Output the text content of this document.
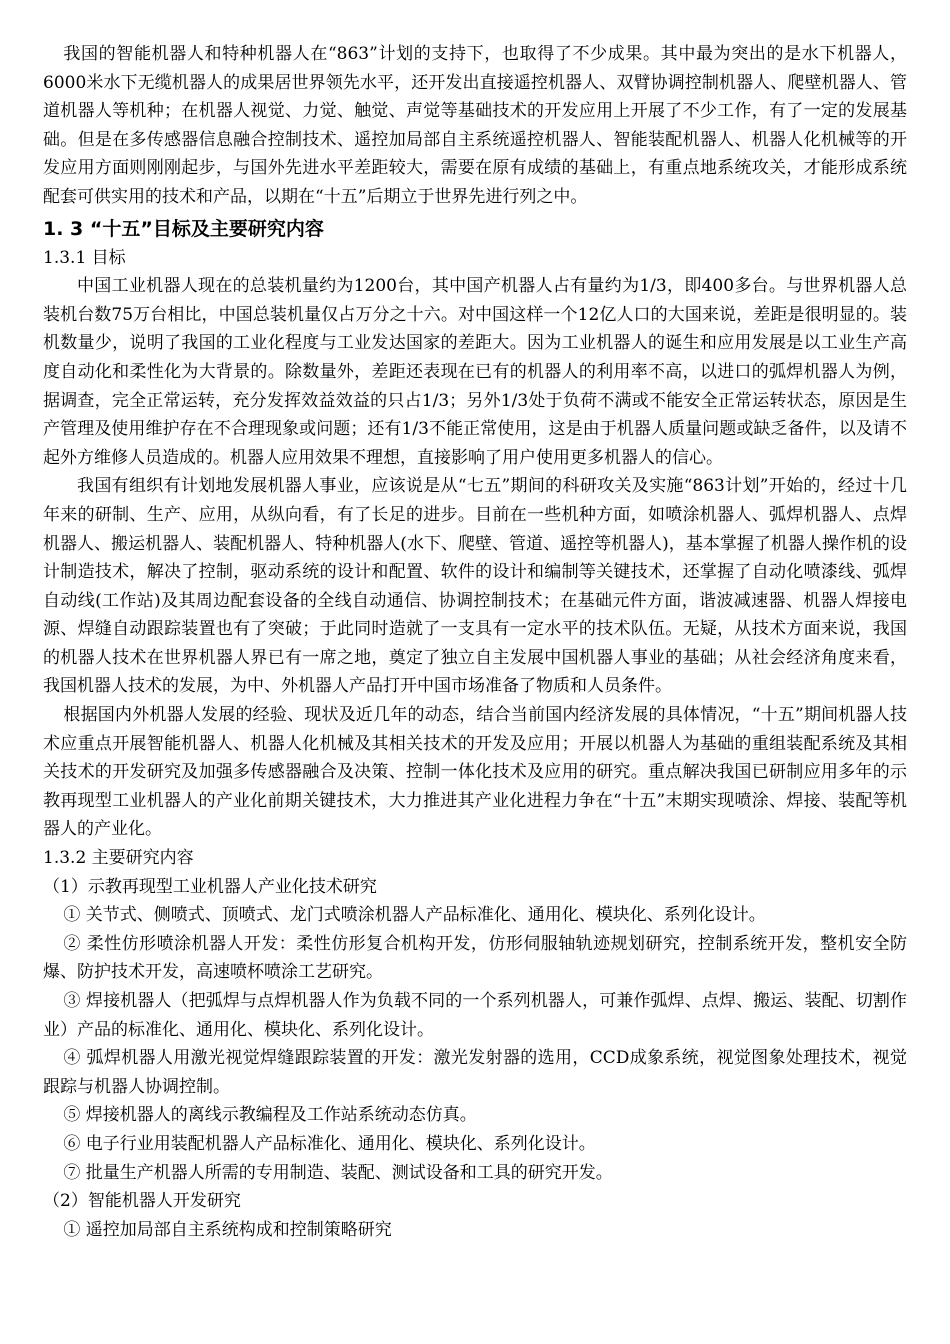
我国的智能机器人和特种机器人在“863”计划的支持下，也取得了不少成果。其中最为突出的是水下机器人，6000米水下无缆机器人的成果居世界领先水平，还开发出直接遥控机器人、双臂协调控制机器人、爬壁机器人、管道机器人等机种；在机器人视觉、力觉、触觉、声觉等基础技术的开发应用上开展了不少工作，有了一定的发展基础。但是在多传感器信息融合控制技术、遥控加局部自主系统遥控机器人、智能装配机器人、机器人化机械等的开发应用方面则刚刚起步，与国外先进水平差距较大，需要在原有成绩的基础上，有重点地系统攻关，才能形成系统配套可供实用的技术和产品，以期在“十五”后期立于世界先进行列之中。

1. 3 “十五”目标及主要研究内容

1.3.1 目标

中国工业机器人现在的总装机量约为1200台，其中国产机器人占有量约为1/3，即400多台。与世界机器人总装机台数75万台相比，中国总装机量仅占万分之十六。对中国这样一个12亿人口的大国来说，差距是很明显的。装机数量少，说明了我国的工业化程度与工业发达国家的差距大。因为工业机器人的诞生和应用发展是以工业生产高度自动化和柔性化为大背景的。除数量外，差距还表现在已有的机器人的利用率不高，以进口的弧焊机器人为例，据调查，完全正常运转，充分发挥效益效益的只占1/3；另外1/3处于负荷不满或不能安全正常运转状态，原因是生产管理及使用维护存在不合理现象或问题；还有1/3不能正常使用，这是由于机器人质量问题或缺乏备件，以及请不起外方维修人员造成的。机器人应用效果不理想，直接影响了用户使用更多机器人的信心。

我国有组织有计划地发展机器人事业，应该说是从“七五”期间的科研攻关及实施“863计划”开始的，经过十几年来的研制、生产、应用，从纵向看，有了长足的进步。目前在一些机种方面，如喷涂机器人、弧焊机器人、点焊机器人、搬运机器人、装配机器人、特种机器人(水下、爬壁、管道、遥控等机器人)，基本掌握了机器人操作机的设计制造技术，解决了控制，驱动系统的设计和配置、软件的设计和编制等关键技术，还掌握了自动化喷漆线、弧焊自动线(工作站)及其周边配套设备的全线自动通信、协调控制技术；在基础元件方面，谐波减速器、机器人焊接电源、焊缝自动跟踪装置也有了突破；于此同时造就了一支具有一定水平的技术队伍。无疑，从技术方面来说，我国的机器人技术在世界机器人界已有一席之地，奠定了独立自主发展中国机器人事业的基础；从社会经济角度来看，我国机器人技术的发展，为中、外机器人产品打开中国市场准备了物质和人员条件。

根据国内外机器人发展的经验、现状及近几年的动态，结合当前国内经济发展的具体情况，“十五”期间机器人技术应重点开展智能机器人、机器人化机械及其相关技术的开发及应用；开展以机器人为基础的重组装配系统及其相关技术的开发研究及加强多传感器融合及决策、控制一体化技术及应用的研究。重点解决我国已研制应用多年的示教再现型工业机器人的产业化前期关键技术，大力推进其产业化进程力争在“十五”末期实现喷涂、焊接、装配等机器人的产业化。

1.3.2 主要研究内容

（1）示教再现型工业机器人产业化技术研究

① 关节式、侧喷式、顶喷式、龙门式喷涂机器人产品标准化、通用化、模块化、系列化设计。

② 柔性仿形喷涂机器人开发：柔性仿形复合机构开发，仿形伺服轴轨迹规划研究，控制系统开发，整机安全防爆、防护技术开发，高速喷杯喷涂工艺研究。

③ 焊接机器人（把弧焊与点焊机器人作为负载不同的一个系列机器人，可兼作弧焊、点焊、搬运、装配、切割作业）产品的标准化、通用化、模块化、系列化设计。

④ 弧焊机器人用激光视觉焊缝跟踪装置的开发：激光发射器的选用，CCD成象系统，视觉图象处理技术，视觉跟踪与机器人协调控制。

⑤ 焊接机器人的离线示教编程及工作站系统动态仿真。

⑥ 电子行业用装配机器人产品标准化、通用化、模块化、系列化设计。

⑦ 批量生产机器人所需的专用制造、装配、测试设备和工具的研究开发。

（2）智能机器人开发研究

① 遥控加局部自主系统构成和控制策略研究
